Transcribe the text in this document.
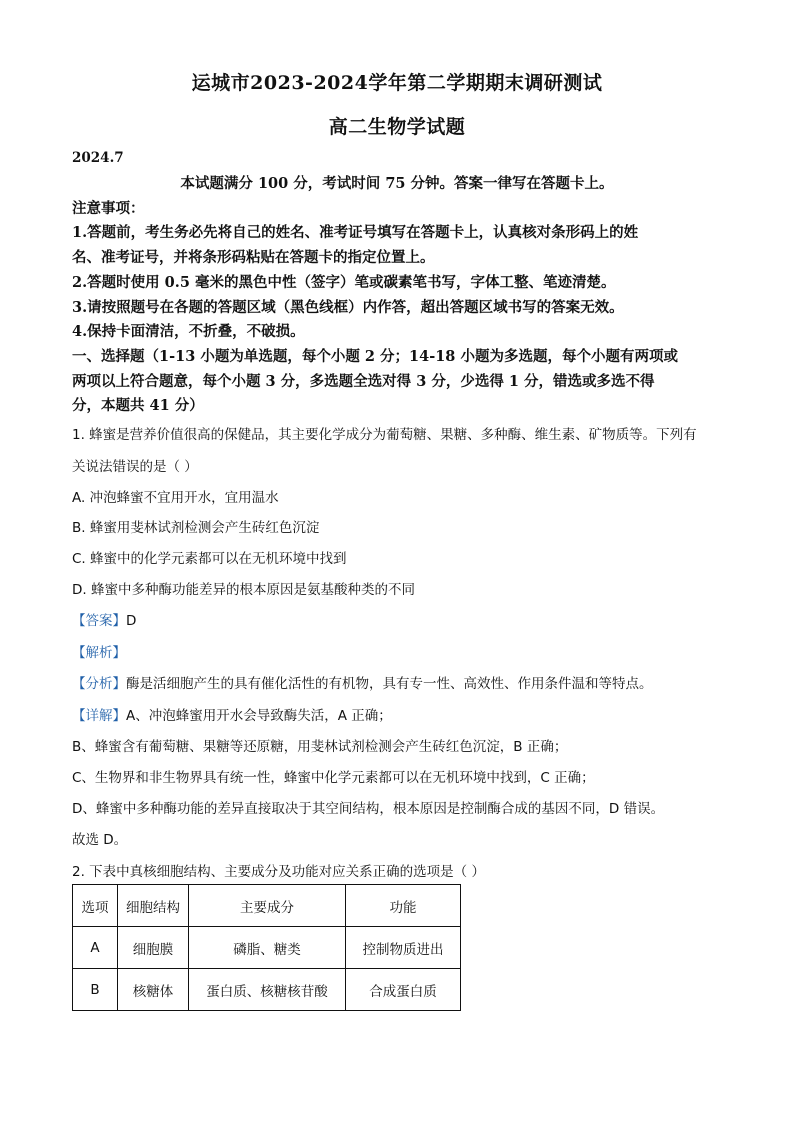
运城市2023-2024学年第二学期期末调研测试
高二生物学试题
2024.7
本试题满分 100 分，考试时间 75 分钟。答案一律写在答题卡上。
注意事项：
1.答题前，考生务必先将自己的姓名、准考证号填写在答题卡上，认真核对条形码上的姓
名、准考证号，并将条形码粘贴在答题卡的指定位置上。
2.答题时使用 0.5 毫米的黑色中性（签字）笔或碳素笔书写，字体工整、笔迹清楚。
3.请按照题号在各题的答题区域（黑色线框）内作答，超出答题区域书写的答案无效。
4.保持卡面清洁，不折叠，不破损。
一、选择题（1-13 小题为单选题，每个小题 2 分；14-18 小题为多选题，每个小题有两项或
两项以上符合题意，每个小题 3 分，多选题全选对得 3 分，少选得 1 分，错选或多选不得
分，本题共 41 分）
1. 蜂蜜是营养价值很高的保健品，其主要化学成分为葡萄糖、果糖、多种酶、维生素、矿物质等。下列有
关说法错误的是（ ）
A. 冲泡蜂蜜不宜用开水，宜用温水
B. 蜂蜜用斐林试剂检测会产生砖红色沉淀
C. 蜂蜜中的化学元素都可以在无机环境中找到
D. 蜂蜜中多种酶功能差异的根本原因是氨基酸种类的不同
【答案】D
【解析】
【分析】酶是活细胞产生的具有催化活性的有机物，具有专一性、高效性、作用条件温和等特点。
【详解】A、冲泡蜂蜜用开水会导致酶失活，A 正确；
B、蜂蜜含有葡萄糖、果糖等还原糖，用斐林试剂检测会产生砖红色沉淀，B 正确；
C、生物界和非生物界具有统一性，蜂蜜中化学元素都可以在无机环境中找到，C 正确；
D、蜂蜜中多种酶功能的差异直接取决于其空间结构，根本原因是控制酶合成的基因不同，D 错误。
故选 D。
2. 下表中真核细胞结构、主要成分及功能对应关系正确的选项是（ ）
选项	细胞结构	主要成分	功能
A	细胞膜	磷脂、糖类	控制物质进出
B	核糖体	蛋白质、核糖核苷酸	合成蛋白质
